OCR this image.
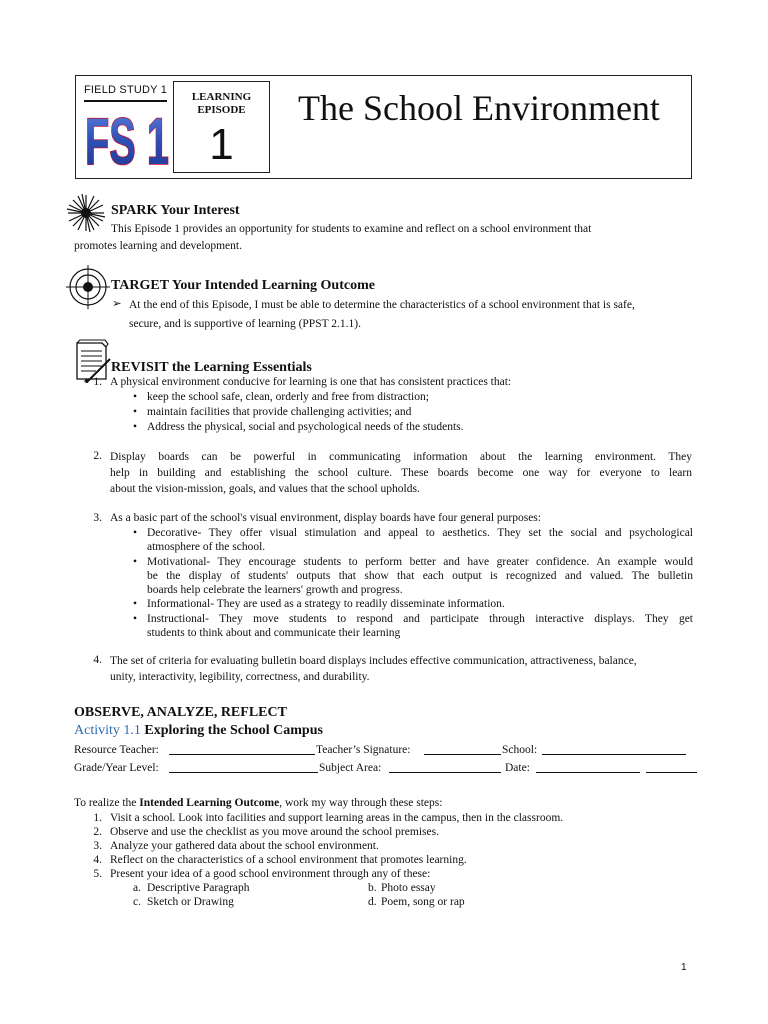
FIELD STUDY 1
FS 1
LEARNING
EPISODE
1
The School Environment
SPARK Your Interest
This Episode 1 provides an opportunity for students to examine and reflect on a school environment that
promotes learning and development.
TARGET Your Intended Learning Outcome
➢ At the end of this Episode, I must be able to determine the characteristics of a school environment that is safe,
secure, and is supportive of learning (PPST 2.1.1).
REVISIT the Learning Essentials
1. A physical environment conducive for learning is one that has consistent practices that:
• keep the school safe, clean, orderly and free from distraction;
• maintain facilities that provide challenging activities; and
• Address the physical, social and psychological needs of the students.
2. Display boards can be powerful in communicating information about the learning environment. They
help in building and establishing the school culture. These boards become one way for everyone to learn
about the vision-mission, goals, and values that the school upholds.
3. As a basic part of the school's visual environment, display boards have four general purposes:
• Decorative- They offer visual stimulation and appeal to aesthetics. They set the social and psychological
atmosphere of the school.
• Motivational- They encourage students to perform better and have greater confidence. An example would
be the display of students' outputs that show that each output is recognized and valued. The bulletin
boards help celebrate the learners' growth and progress.
• Informational- They are used as a strategy to readily disseminate information.
• Instructional- They move students to respond and participate through interactive displays. They get
students to think about and communicate their learning
4. The set of criteria for evaluating bulletin board displays includes effective communication, attractiveness, balance,
unity, interactivity, legibility, correctness, and durability.
OBSERVE, ANALYZE, REFLECT
Activity 1.1 Exploring the School Campus
Resource Teacher:	Teacher’s Signature:	School:
Grade/Year Level:	Subject Area:	Date:
To realize the Intended Learning Outcome, work my way through these steps:
1. Visit a school. Look into facilities and support learning areas in the campus, then in the classroom.
2. Observe and use the checklist as you move around the school premises.
3. Analyze your gathered data about the school environment.
4. Reflect on the characteristics of a school environment that promotes learning.
5. Present your idea of a good school environment through any of these:
a. Descriptive Paragraph	b. Photo essay
c. Sketch or Drawing	d. Poem, song or rap
1
